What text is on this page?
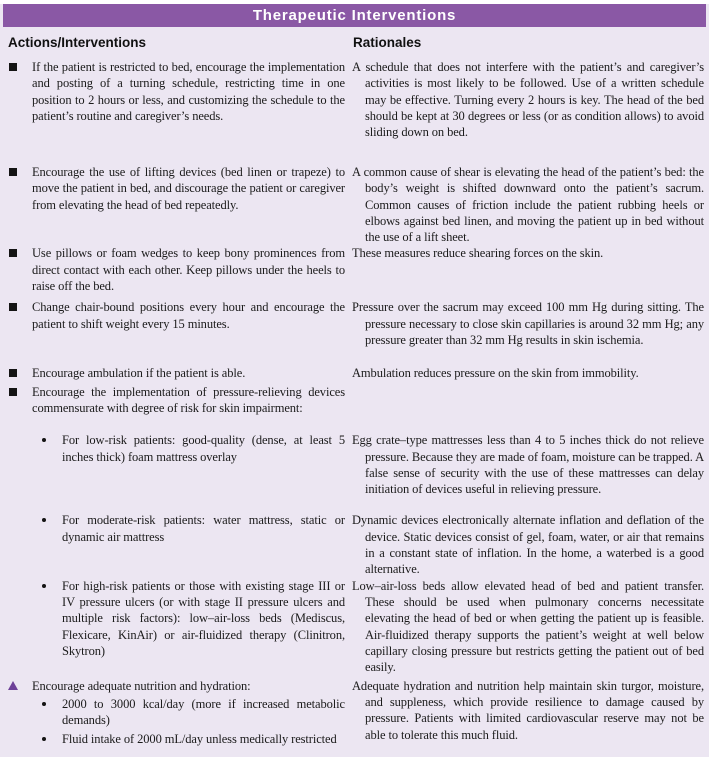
Therapeutic Interventions
Actions/Interventions	Rationales
If the patient is restricted to bed, encourage the implementation and posting of a turning schedule, restricting time in one position to 2 hours or less, and customizing the schedule to the patient’s routine and caregiver’s needs.

A schedule that does not interfere with the patient’s and caregiver’s activities is most likely to be followed. Use of a written schedule may be effective. Turning every 2 hours is key. The head of the bed should be kept at 30 degrees or less (or as condition allows) to avoid sliding down on bed.

Encourage the use of lifting devices (bed linen or trapeze) to move the patient in bed, and discourage the patient or caregiver from elevating the head of bed repeatedly.

A common cause of shear is elevating the head of the patient’s bed: the body’s weight is shifted downward onto the patient’s sacrum. Common causes of friction include the patient rubbing heels or elbows against bed linen, and moving the patient up in bed without the use of a lift sheet.

Use pillows or foam wedges to keep bony prominences from direct contact with each other. Keep pillows under the heels to raise off the bed.

These measures reduce shearing forces on the skin.

Change chair-bound positions every hour and encourage the patient to shift weight every 15 minutes.

Pressure over the sacrum may exceed 100 mm Hg during sitting. The pressure necessary to close skin capillaries is around 32 mm Hg; any pressure greater than 32 mm Hg results in skin ischemia.

Encourage ambulation if the patient is able.
Encourage the implementation of pressure-relieving devices commensurate with degree of risk for skin impairment:

Ambulation reduces pressure on the skin from immobility.

For low-risk patients: good-quality (dense, at least 5 inches thick) foam mattress overlay

Egg crate–type mattresses less than 4 to 5 inches thick do not relieve pressure. Because they are made of foam, moisture can be trapped. A false sense of security with the use of these mattresses can delay initiation of devices useful in relieving pressure.

For moderate-risk patients: water mattress, static or dynamic air mattress

Dynamic devices electronically alternate inflation and deflation of the device. Static devices consist of gel, foam, water, or air that remains in a constant state of inflation. In the home, a waterbed is a good alternative.

For high-risk patients or those with existing stage III or IV pressure ulcers (or with stage II pressure ulcers and multiple risk factors): low–air-loss beds (Mediscus, Flexicare, KinAir) or air-fluidized therapy (Clinitron, Skytron)

Low–air-loss beds allow elevated head of bed and patient transfer. These should be used when pulmonary concerns necessitate elevating the head of bed or when getting the patient up is feasible. Air-fluidized therapy supports the patient’s weight at well below capillary closing pressure but restricts getting the patient out of bed easily.

Encourage adequate nutrition and hydration:
2000 to 3000 kcal/day (more if increased metabolic demands)
Fluid intake of 2000 mL/day unless medically restricted

Adequate hydration and nutrition help maintain skin turgor, moisture, and suppleness, which provide resilience to damage caused by pressure. Patients with limited cardiovascular reserve may not be able to tolerate this much fluid.
